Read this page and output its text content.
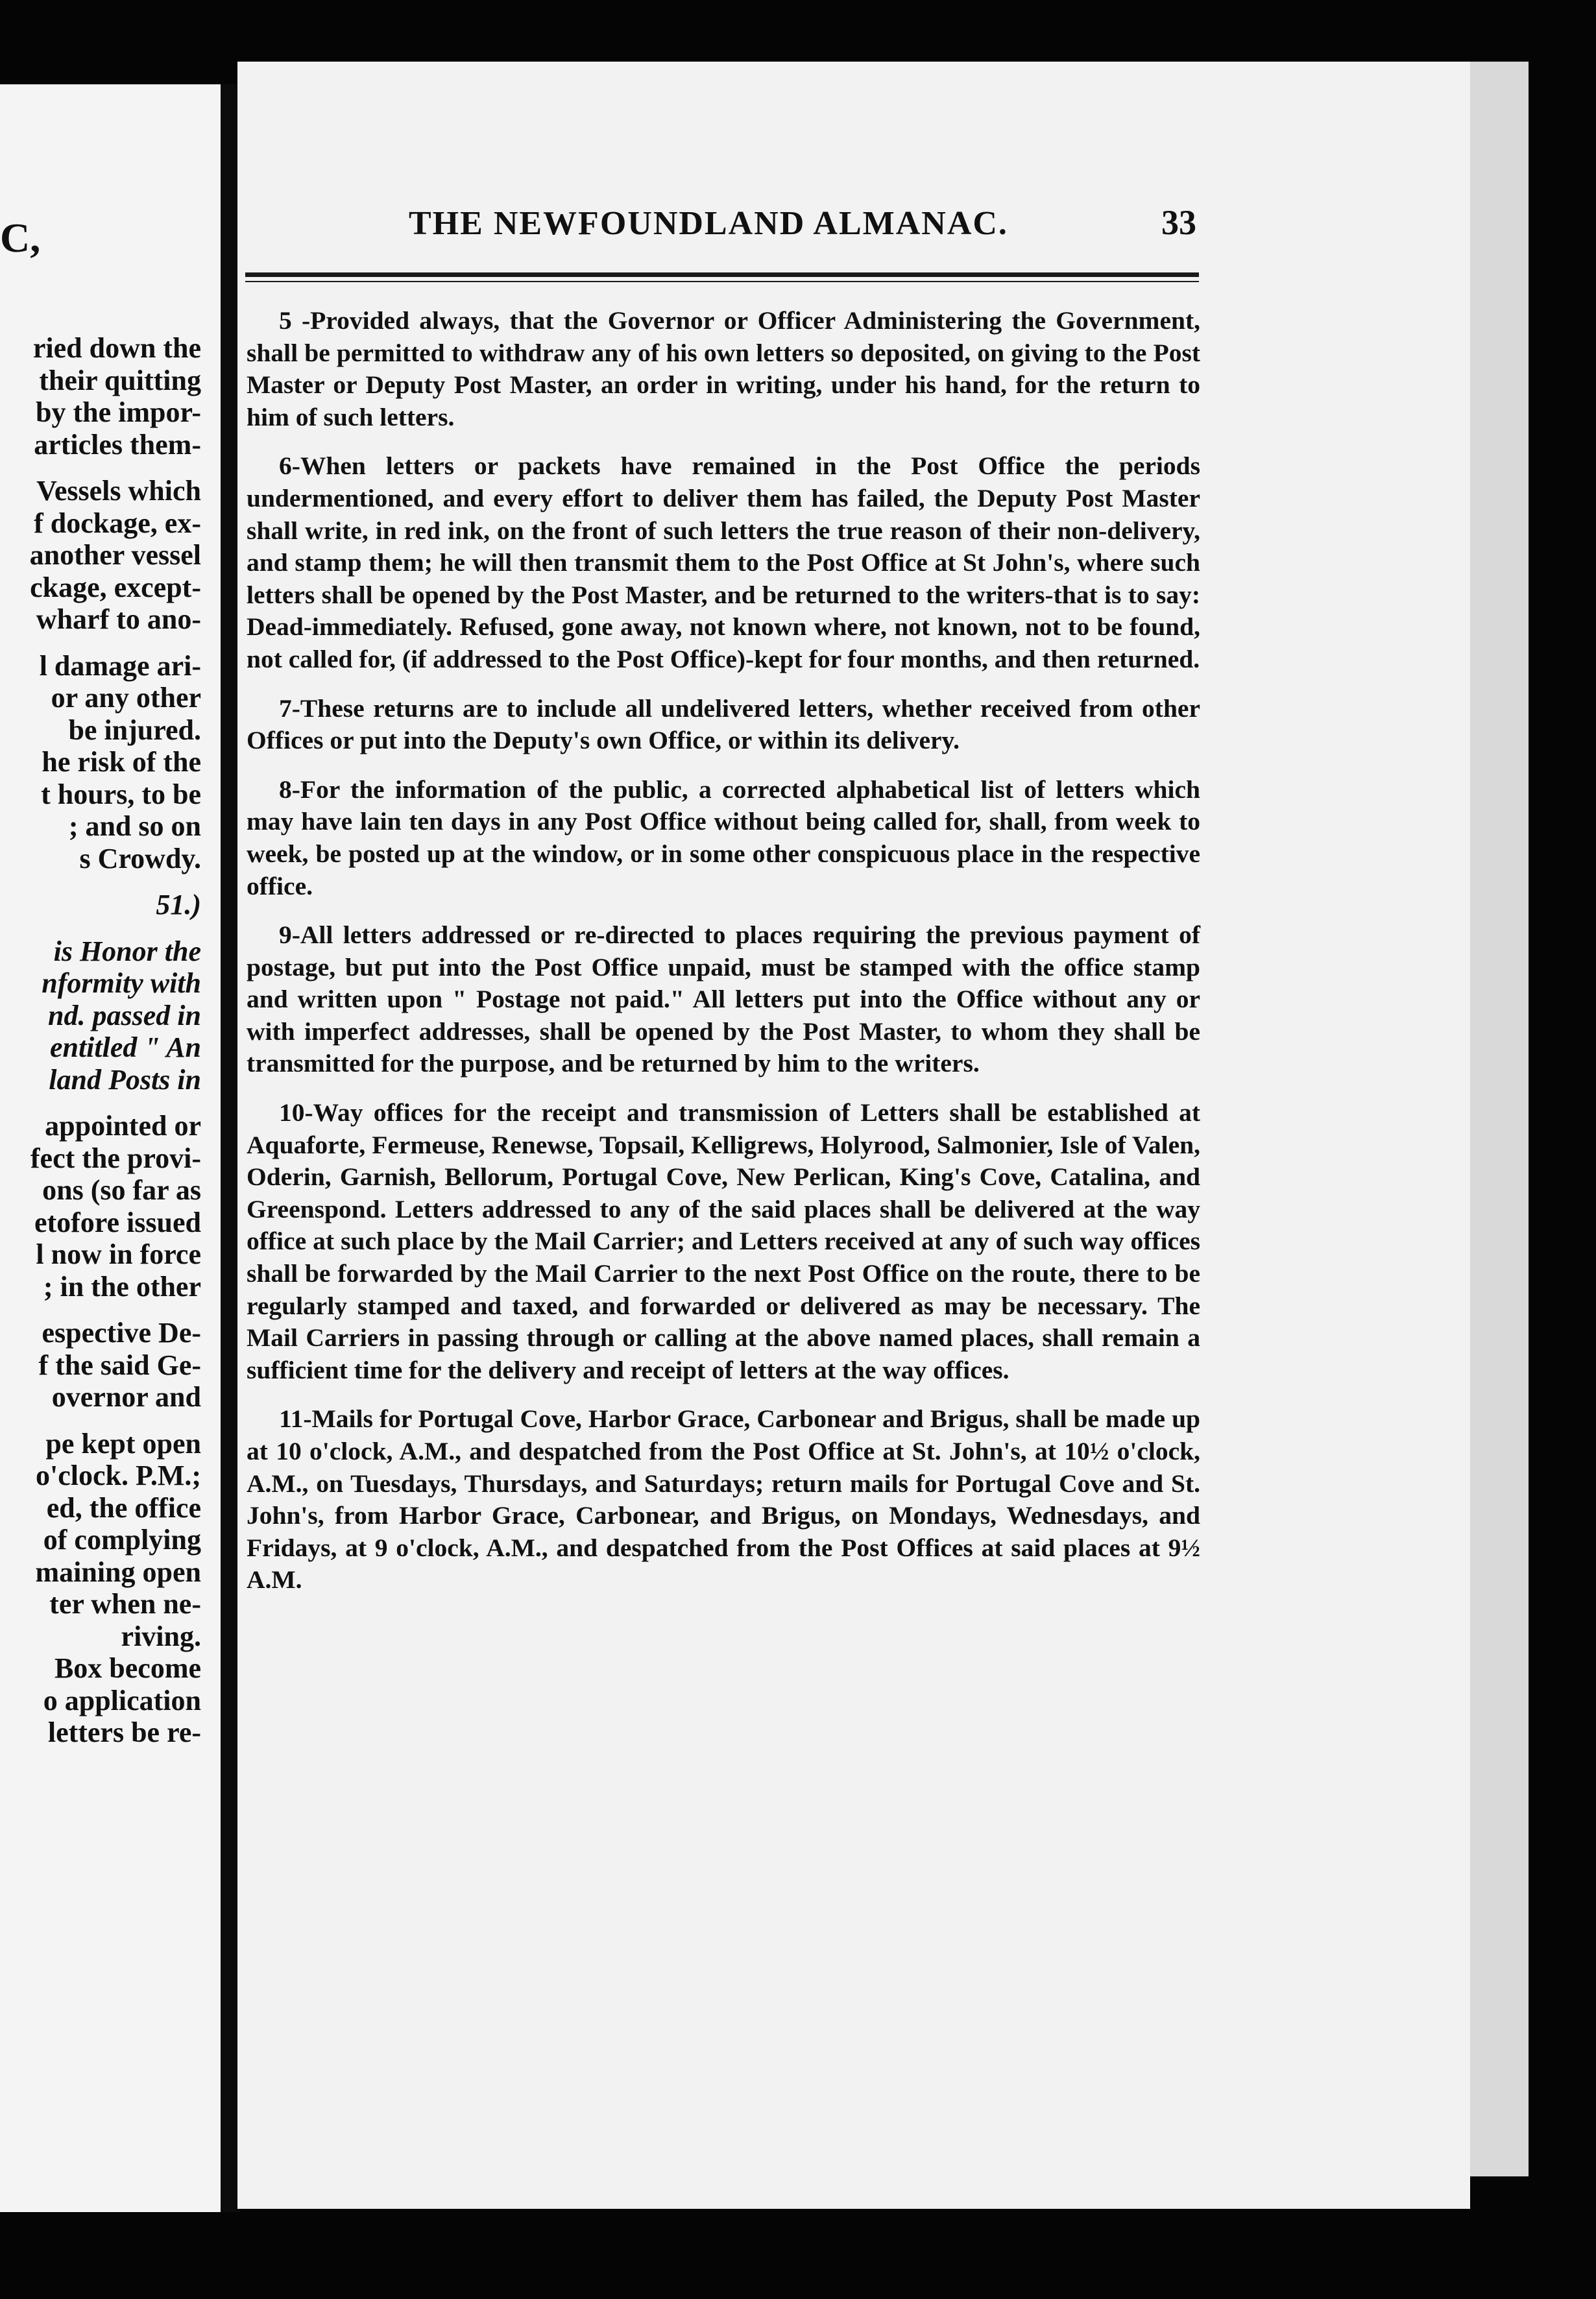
C,
ried down the
their quitting
by the impor-
articles them-
Vessels which
f dockage, ex-
another vessel
ckage, except-
wharf to ano-
l damage ari-
or any other
be injured.
he risk of the
t hours, to be
; and so on
s Crowdy.
51.)
is Honor the
nformity with
nd. passed in
entitled " An
land Posts in
appointed or
fect the provi-
ons (so far as
etofore issued
l now in force
; in the other
espective De-
f the said Ge-
overnor and
pe kept open
o'clock. P.M.;
ed, the office
of complying
maining open
ter when ne-
riving.
Box become
o application
letters be re-
THE NEWFOUNDLAND ALMANAC.	33

5 -Provided always, that the Governor or Officer Administering the Government, shall be permitted to withdraw any of his own letters so deposited, on giving to the Post Master or Deputy Post Master, an order in writing, under his hand, for the return to him of such letters.

6-When letters or packets have remained in the Post Office the periods undermentioned, and every effort to deliver them has failed, the Deputy Post Master shall write, in red ink, on the front of such letters the true reason of their non-delivery, and stamp them; he will then transmit them to the Post Office at St John's, where such letters shall be opened by the Post Master, and be returned to the writers-that is to say: Dead-immediately. Refused, gone away, not known where, not known, not to be found, not called for, (if addressed to the Post Office)-kept for four months, and then returned.

7-These returns are to include all undelivered letters, whether received from other Offices or put into the Deputy's own Office, or within its delivery.

8-For the information of the public, a corrected alphabetical list of letters which may have lain ten days in any Post Office without being called for, shall, from week to week, be posted up at the window, or in some other conspicuous place in the respective office.

9-All letters addressed or re-directed to places requiring the previous payment of postage, but put into the Post Office unpaid, must be stamped with the office stamp and written upon " Postage not paid." All letters put into the Office without any or with imperfect addresses, shall be opened by the Post Master, to whom they shall be transmitted for the purpose, and be returned by him to the writers.

10-Way offices for the receipt and transmission of Letters shall be established at Aquaforte, Fermeuse, Renewse, Topsail, Kelligrews, Holyrood, Salmonier, Isle of Valen, Oderin, Garnish, Bellorum, Portugal Cove, New Perlican, King's Cove, Catalina, and Greenspond. Letters addressed to any of the said places shall be delivered at the way office at such place by the Mail Carrier; and Letters received at any of such way offices shall be forwarded by the Mail Carrier to the next Post Office on the route, there to be regularly stamped and taxed, and forwarded or delivered as may be necessary. The Mail Carriers in passing through or calling at the above named places, shall remain a sufficient time for the delivery and receipt of letters at the way offices.

11-Mails for Portugal Cove, Harbor Grace, Carbonear and Brigus, shall be made up at 10 o'clock, A.M., and despatched from the Post Office at St. John's, at 10½ o'clock, A.M., on Tuesdays, Thursdays, and Saturdays; return mails for Portugal Cove and St. John's, from Harbor Grace, Carbonear, and Brigus, on Mondays, Wednesdays, and Fridays, at 9 o'clock, A.M., and despatched from the Post Offices at said places at 9½ A.M.
